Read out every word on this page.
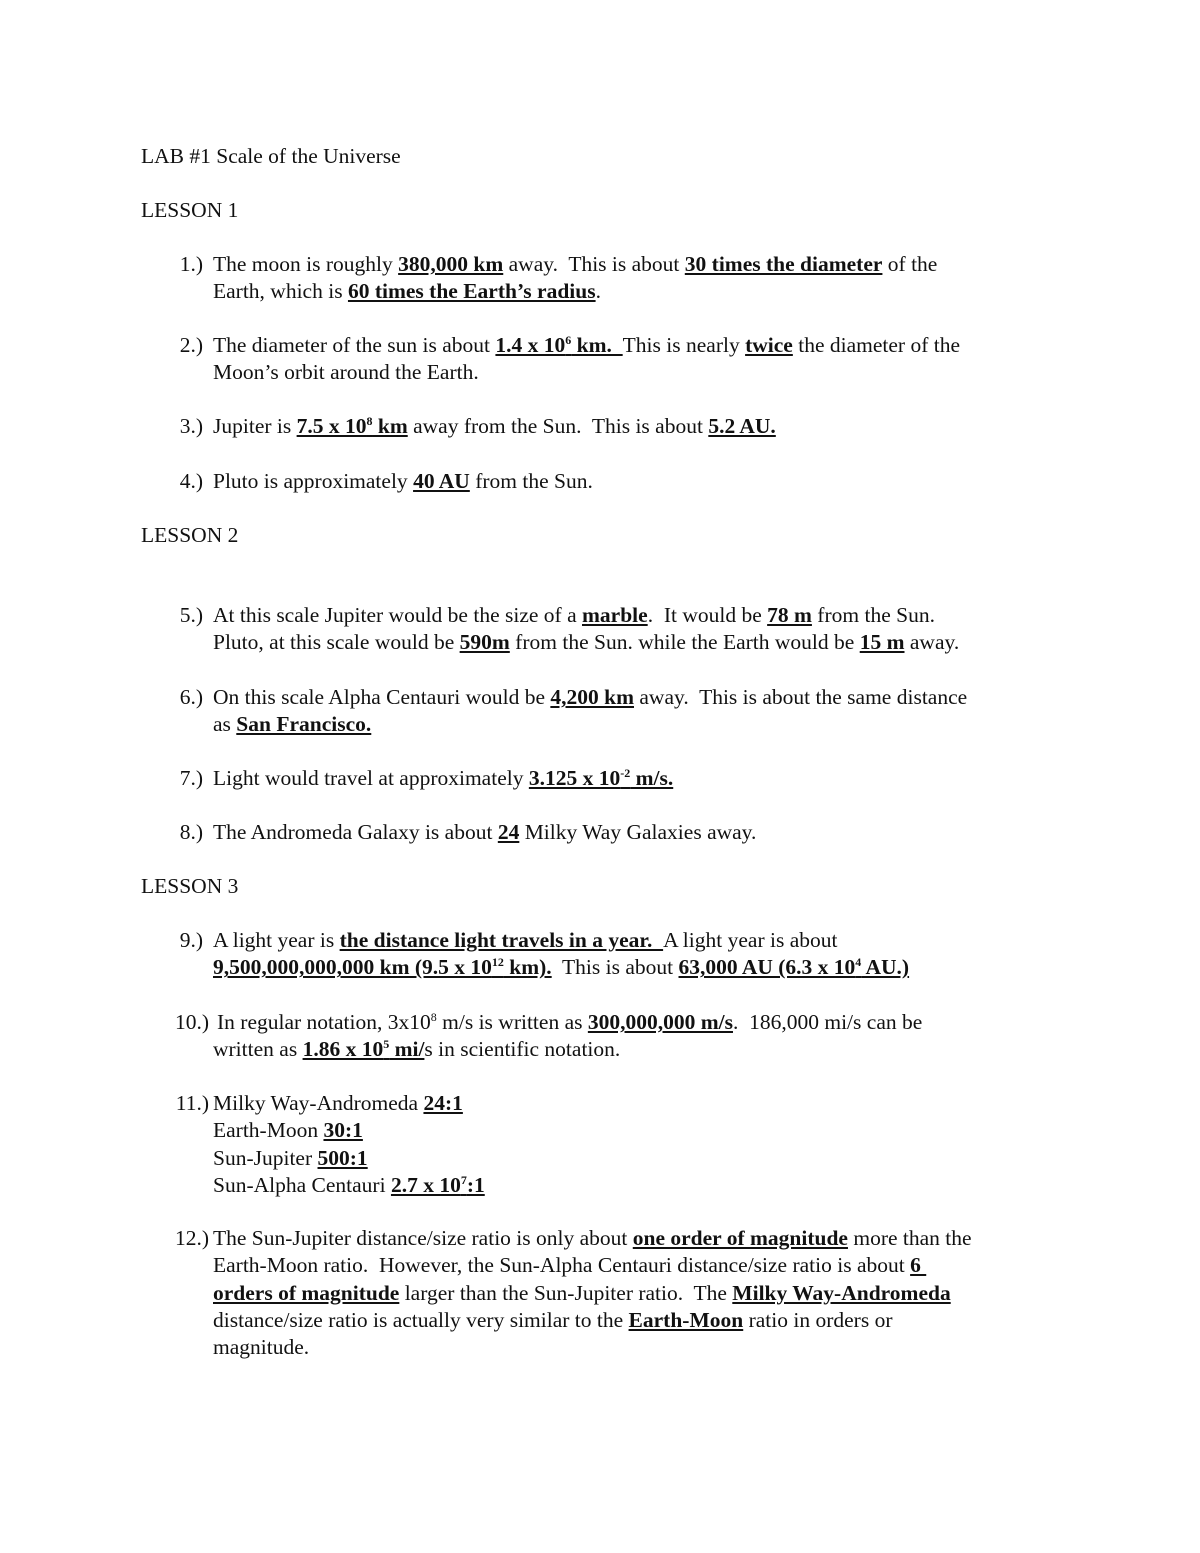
LAB #1 Scale of the Universe
LESSON 1
1.) The moon is roughly 380,000 km away.  This is about 30 times the diameter of the
Earth, which is 60 times the Earth’s radius.
2.) The diameter of the sun is about 1.4 x $10^6$ km.  This is nearly twice the diameter of the
Moon’s orbit around the Earth.
3.) Jupiter is 7.5 x $10^8$ km away from the Sun.  This is about 5.2 AU.
4.) Pluto is approximately 40 AU from the Sun.
LESSON 2
5.) At this scale Jupiter would be the size of a marble.  It would be 78 m from the Sun.
Pluto, at this scale would be 590m from the Sun. while the Earth would be 15 m away.
6.) On this scale Alpha Centauri would be 4,200 km away.  This is about the same distance
as San Francisco.
7.) Light would travel at approximately 3.125 x $10^{-2}$ m/s.
8.) The Andromeda Galaxy is about 24 Milky Way Galaxies away.
LESSON 3
9.) A light year is the distance light travels in a year.  A light year is about
9,500,000,000,000 km (9.5 x $10^{12}$ km).  This is about 63,000 AU (6.3 x $10^4$ AU.)
10.) In regular notation, $3x10^8$ m/s is written as 300,000,000 m/s.  186,000 mi/s can be
written as 1.86 x $10^5$ mi/s in scientific notation.
11.) Milky Way-Andromeda 24:1
Earth-Moon 30:1
Sun-Jupiter 500:1
Sun-Alpha Centauri 2.7 x $10^7:1$
12.) The Sun-Jupiter distance/size ratio is only about one order of magnitude more than the
Earth-Moon ratio.  However, the Sun-Alpha Centauri distance/size ratio is about 6
orders of magnitude larger than the Sun-Jupiter ratio.  The Milky Way-Andromeda
distance/size ratio is actually very similar to the Earth-Moon ratio in orders or
magnitude.
